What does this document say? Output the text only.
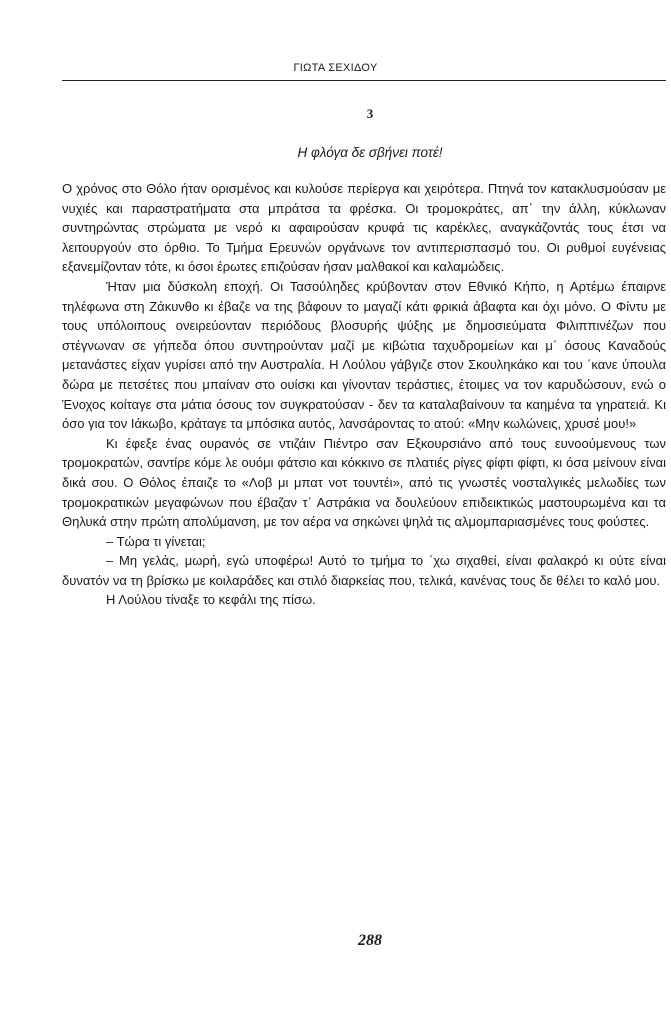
ΓΙΩΤΑ ΣΕΧΙΔΟΥ
3
Η φλόγα δε σβήνει ποτέ!

Ο χρόνος στο Θόλο ήταν ορισμένος και κυλούσε περίεργα και χειρότερα. Πτηνά τον κατακλυσμούσαν με νυχιές και παραστρατήματα στα μπράτσα τα φρέσκα. Οι τρομοκράτες, απ΄ την άλλη, κύκλωναν συντηρώντας στρώματα με νερό κι αφαιρούσαν κρυφά τις καρέκλες, αναγκάζοντάς τους έτσι να λειτουργούν στο όρθιο. Το Τμήμα Ερευνών οργάνωνε τον αντιπερισπασμό του. Οι ρυθμοί ευγένειας εξανεμίζονταν τότε, κι όσοι έρωτες επιζούσαν ήσαν μαλθακοί και καλαμώδεις.

Ήταν μια δύσκολη εποχή. Οι Τασούληδες κρύβονταν στον Εθνικό Κήπο, η Αρτέμω έπαιρνε τηλέφωνα στη Ζάκυνθο κι έβαζε να της βάφουν το μαγαζί κάτι φρικιά άβαφτα και όχι μόνο. Ο Φίντυ με τους υπόλοιπους ονειρεύονταν περιόδους βλοσυρής ψύξης με δημοσιεύματα Φιλιππινέζων που στέγνωναν σε γήπεδα όπου συντηρούνταν μαζί με κιβώτια ταχυδρομείων και μ΄ όσους Καναδούς μετανάστες είχαν γυρίσει από την Αυστραλία. Η Λούλου γάβγιζε στον Σκουληκάκο και του ΄κανε ύπουλα δώρα με πετσέτες που μπαίναν στο ουίσκι και γίνονταν τεράστιες, έτοιμες να τον καρυδώσουν, ενώ ο Ένοχος κοίταγε στα μάτια όσους τον συγκρατούσαν - δεν τα καταλαβαίνουν τα καημένα τα γηρατειά. Κι όσο για τον Ιάκωβο, κράταγε τα μπόσικα αυτός, λανσάροντας το ατού: «Μην κωλώνεις, χρυσέ μου!»

Κι έφεξε ένας ουρανός σε ντιζάιν Πιέντρο σαν Εξκουρσιάνο από τους ευνοούμενους των τρομοκρατών, σαντίρε κόμε λε ουόμι φάτσιο και κόκκινο σε πλατιές ρίγες φίφτι φίφτι, κι όσα μείνουν είναι δικά σου. Ο Θόλος έπαιζε το «Λοβ μι μπατ νοτ τουντέι», από τις γνωστές νοσταλγικές μελωδίες των τρομοκρατικών μεγαφώνων που έβαζαν τ΄ Αστράκια να δουλεύουν επιδεικτικώς μαστουρωμένα και τα Θηλυκά στην πρώτη απολύμανση, με τον αέρα να σηκώνει ψηλά τις αλμομπαριασμένες τους φούστες.

– Τώρα τι γίνεται;

– Μη γελάς, μωρή, εγώ υποφέρω! Αυτό το τμήμα το ΄χω σιχαθεί, είναι φαλακρό κι ούτε είναι δυνατόν να τη βρίσκω με κοιλαράδες και στιλό διαρκείας που, τελικά, κανένας τους δε θέλει το καλό μου.

Η Λούλου τίναξε το κεφάλι της πίσω.

288
